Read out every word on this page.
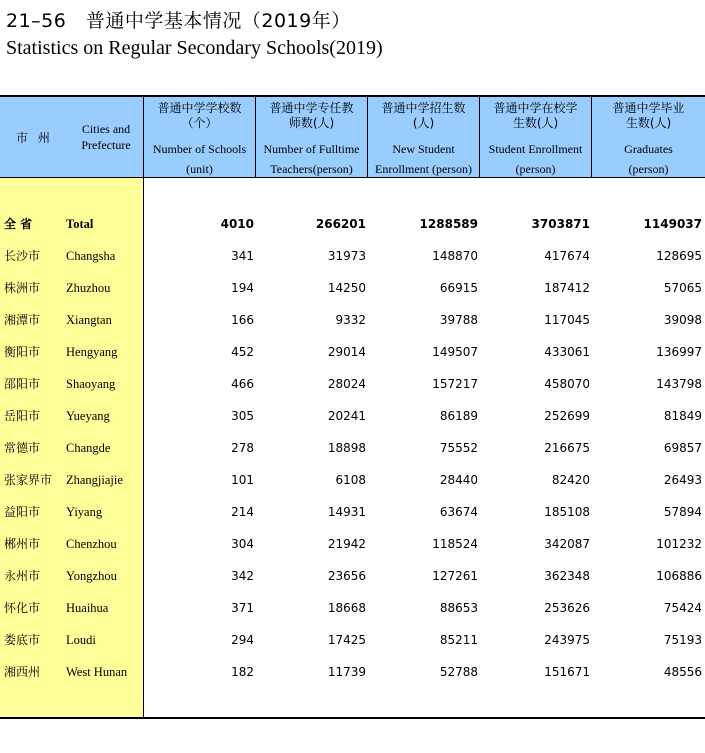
21–56　普通中学基本情况（2019年）
Statistics on Regular Secondary Schools(2019)
市 州
Cities and Prefecture
普通中学学校数
（个）
Number of Schools
(unit)
普通中学专任教
师数(人)
Number of Fulltime
Teachers(person)
普通中学招生数
(人)
New Student
Enrollment (person)
普通中学在校学
生数(人)
Student Enrollment
(person)
普通中学毕业
生数(人)
Graduates
(person)
全 省	Total	4010	266201	1288589	3703871	1149037
长沙市 Changsha	341	31973	148870	417674	128695
株洲市 Zhuzhou	194	14250	66915	187412	57065
湘潭市 Xiangtan	166	9332	39788	117045	39098
衡阳市 Hengyang	452	29014	149507	433061	136997
邵阳市 Shaoyang	466	28024	157217	458070	143798
岳阳市 Yueyang	305	20241	86189	252699	81849
常德市 Changde	278	18898	75552	216675	69857
张家界市 Zhangjiajie	101	6108	28440	82420	26493
益阳市 Yiyang	214	14931	63674	185108	57894
郴州市 Chenzhou	304	21942	118524	342087	101232
永州市 Yongzhou	342	23656	127261	362348	106886
怀化市 Huaihua	371	18668	88653	253626	75424
娄底市 Loudi	294	17425	85211	243975	75193
湘西州 West Hunan	182	11739	52788	151671	48556
